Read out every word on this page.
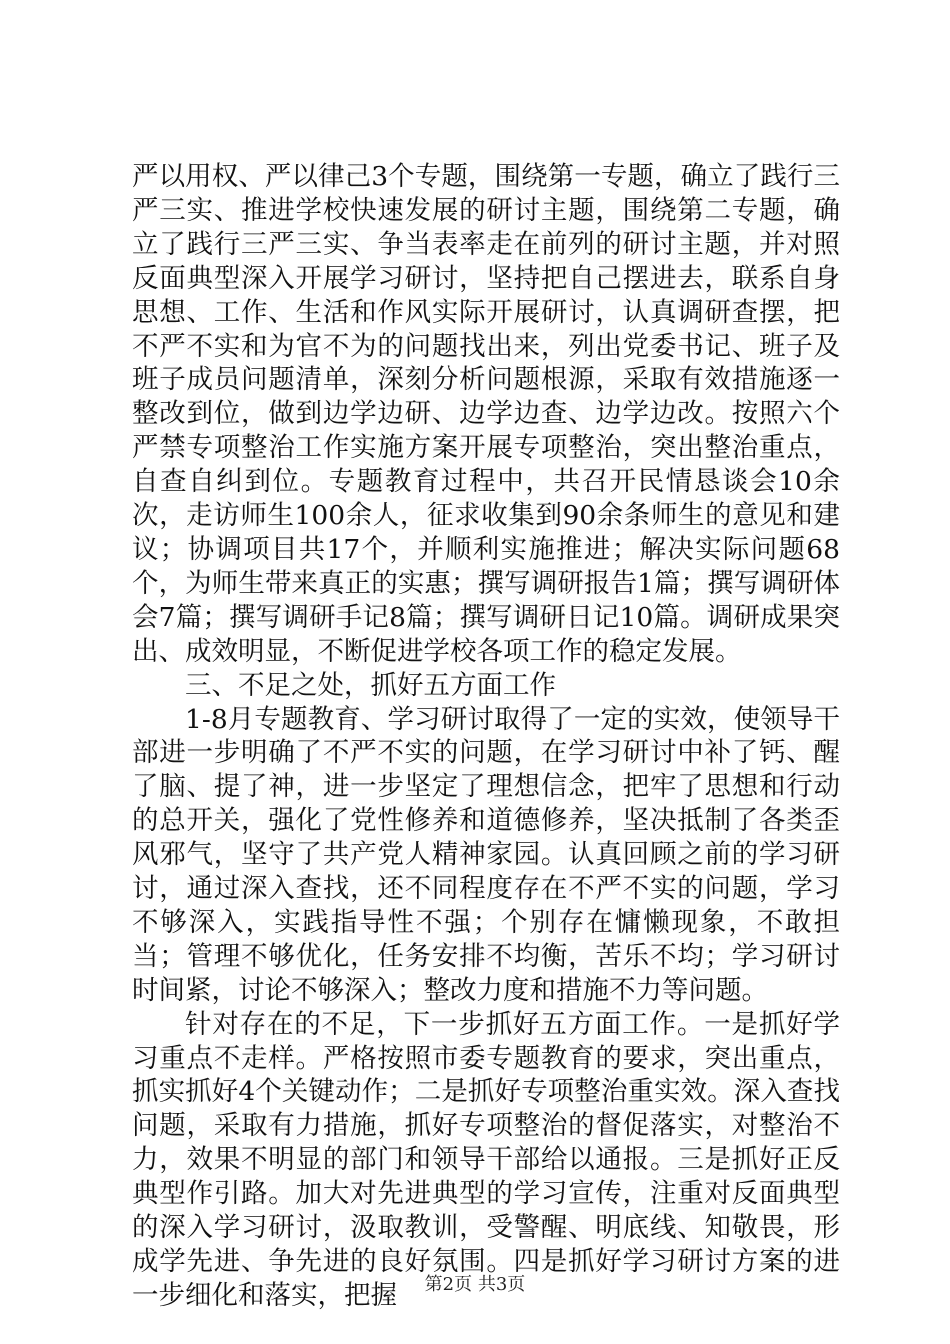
严以用权、严以律己3个专题，围绕第一专题，确立了践行三严三实、推进学校快速发展的研讨主题，围绕第二专题，确立了践行三严三实、争当表率走在前列的研讨主题，并对照反面典型深入开展学习研讨，坚持把自己摆进去，联系自身思想、工作、生活和作风实际开展研讨，认真调研查摆，把不严不实和为官不为的问题找出来，列出党委书记、班子及班子成员问题清单，深刻分析问题根源，采取有效措施逐一整改到位，做到边学边研、边学边查、边学边改。按照六个严禁专项整治工作实施方案开展专项整治，突出整治重点，自查自纠到位。专题教育过程中，共召开民情恳谈会10余次，走访师生100余人，征求收集到90余条师生的意见和建议；协调项目共17个，并顺利实施推进；解决实际问题68个，为师生带来真正的实惠；撰写调研报告1篇；撰写调研体会7篇；撰写调研手记8篇；撰写调研日记10篇。调研成果突出、成效明显，不断促进学校各项工作的稳定发展。

三、不足之处，抓好五方面工作

1-8月专题教育、学习研讨取得了一定的实效，使领导干部进一步明确了不严不实的问题，在学习研讨中补了钙、醒了脑、提了神，进一步坚定了理想信念，把牢了思想和行动的总开关，强化了党性修养和道德修养，坚决抵制了各类歪风邪气，坚守了共产党人精神家园。认真回顾之前的学习研讨，通过深入查找，还不同程度存在不严不实的问题，学习不够深入，实践指导性不强；个别存在慵懒现象，不敢担当；管理不够优化，任务安排不均衡，苦乐不均；学习研讨时间紧，讨论不够深入；整改力度和措施不力等问题。

针对存在的不足，下一步抓好五方面工作。一是抓好学习重点不走样。严格按照市委专题教育的要求，突出重点，抓实抓好4个关键动作；二是抓好专项整治重实效。深入查找问题，采取有力措施，抓好专项整治的督促落实，对整治不力，效果不明显的部门和领导干部给以通报。三是抓好正反典型作引路。加大对先进典型的学习宣传，注重对反面典型的深入学习研讨，汲取教训，受警醒、明底线、知敬畏，形成学先进、争先进的良好氛围。四是抓好学习研讨方案的进一步细化和落实，把握	第2页 共3页
